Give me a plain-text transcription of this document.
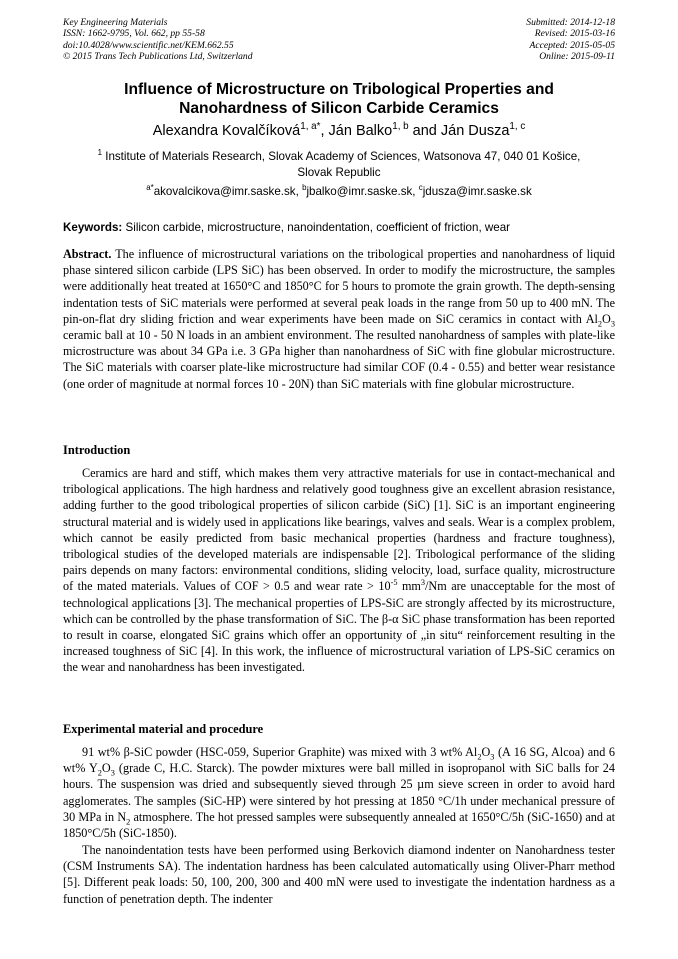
Key Engineering Materials
ISSN: 1662-9795, Vol. 662, pp 55-58
doi:10.4028/www.scientific.net/KEM.662.55
© 2015 Trans Tech Publications Ltd, Switzerland
Submitted: 2014-12-18
Revised: 2015-03-16
Accepted: 2015-05-05
Online: 2015-09-11
Influence of Microstructure on Tribological Properties and
Nanohardness of Silicon Carbide Ceramics
Alexandra Kovalčíková$^{1, a*}$, Ján Balko$^{1, b}$ and Ján Dusza$^{1, c}$
$^1$ Institute of Materials Research, Slovak Academy of Sciences, Watsonova 47, 040 01 Košice,
Slovak Republic
$^{a*}$akovalcikova@imr.saske.sk, $^b$jbalko@imr.saske.sk, $^c$jdusza@imr.saske.sk
Keywords: Silicon carbide, microstructure, nanoindentation, coefficient of friction, wear
Abstract. The influence of microstructural variations on the tribological properties and nanohardness of liquid phase sintered silicon carbide (LPS SiC) has been observed. In order to modify the microstructure, the samples were additionally heat treated at 1650°C and 1850°C for 5 hours to promote the grain growth. The depth-sensing indentation tests of SiC materials were performed at several peak loads in the range from 50 up to 400 mN. The pin-on-flat dry sliding friction and wear experiments have been made on SiC ceramics in contact with $Al_2O_3$ ceramic ball at 10 - 50 N loads in an ambient environment. The resulted nanohardness of samples with plate-like microstructure was about 34 GPa i.e. 3 GPa higher than nanohardness of SiC with fine globular microstructure. The SiC materials with coarser plate-like microstructure had similar COF (0.4 - 0.55) and better wear resistance (one order of magnitude at normal forces 10 - 20N) than SiC materials with fine globular microstructure.
Introduction
Ceramics are hard and stiff, which makes them very attractive materials for use in contact-mechanical and tribological applications. The high hardness and relatively good toughness give an excellent abrasion resistance, adding further to the good tribological properties of silicon carbide (SiC) [1]. SiC is an important engineering structural material and is widely used in applications like bearings, valves and seals. Wear is a complex problem, which cannot be easily predicted from basic mechanical properties (hardness and fracture toughness), tribological studies of the developed materials are indispensable [2]. Tribological performance of the sliding pairs depends on many factors: environmental conditions, sliding velocity, load, surface quality, microstructure of the mated materials. Values of COF > 0.5 and wear rate > $10^{-5}$ $mm^3/Nm$ are unacceptable for the most of technological applications [3]. The mechanical properties of LPS-SiC are strongly affected by its microstructure, which can be controlled by the phase transformation of SiC. The β-α SiC phase transformation has been reported to result in coarse, elongated SiC grains which offer an opportunity of „in situ“ reinforcement resulting in the increased toughness of SiC [4]. In this work, the influence of microstructural variation of LPS-SiC ceramics on the wear and nanohardness has been investigated.
Experimental material and procedure
91 wt% β-SiC powder (HSC-059, Superior Graphite) was mixed with 3 wt% $Al_2O_3$ (A 16 SG, Alcoa) and 6 wt% $Y_2O_3$ (grade C, H.C. Starck). The powder mixtures were ball milled in isopropanol with SiC balls for 24 hours. The suspension was dried and subsequently sieved through 25 µm sieve screen in order to avoid hard agglomerates. The samples (SiC-HP) were sintered by hot pressing at 1850 °C/1h under mechanical pressure of 30 MPa in $N_2$ atmosphere. The hot pressed samples were subsequently annealed at 1650°C/5h (SiC-1650) and at 1850°C/5h (SiC-1850).
The nanoindentation tests have been performed using Berkovich diamond indenter on Nanohardness tester (CSM Instruments SA). The indentation hardness has been calculated automatically using Oliver-Pharr method [5]. Different peak loads: 50, 100, 200, 300 and 400 mN were used to investigate the indentation hardness as a function of penetration depth. The indenter
